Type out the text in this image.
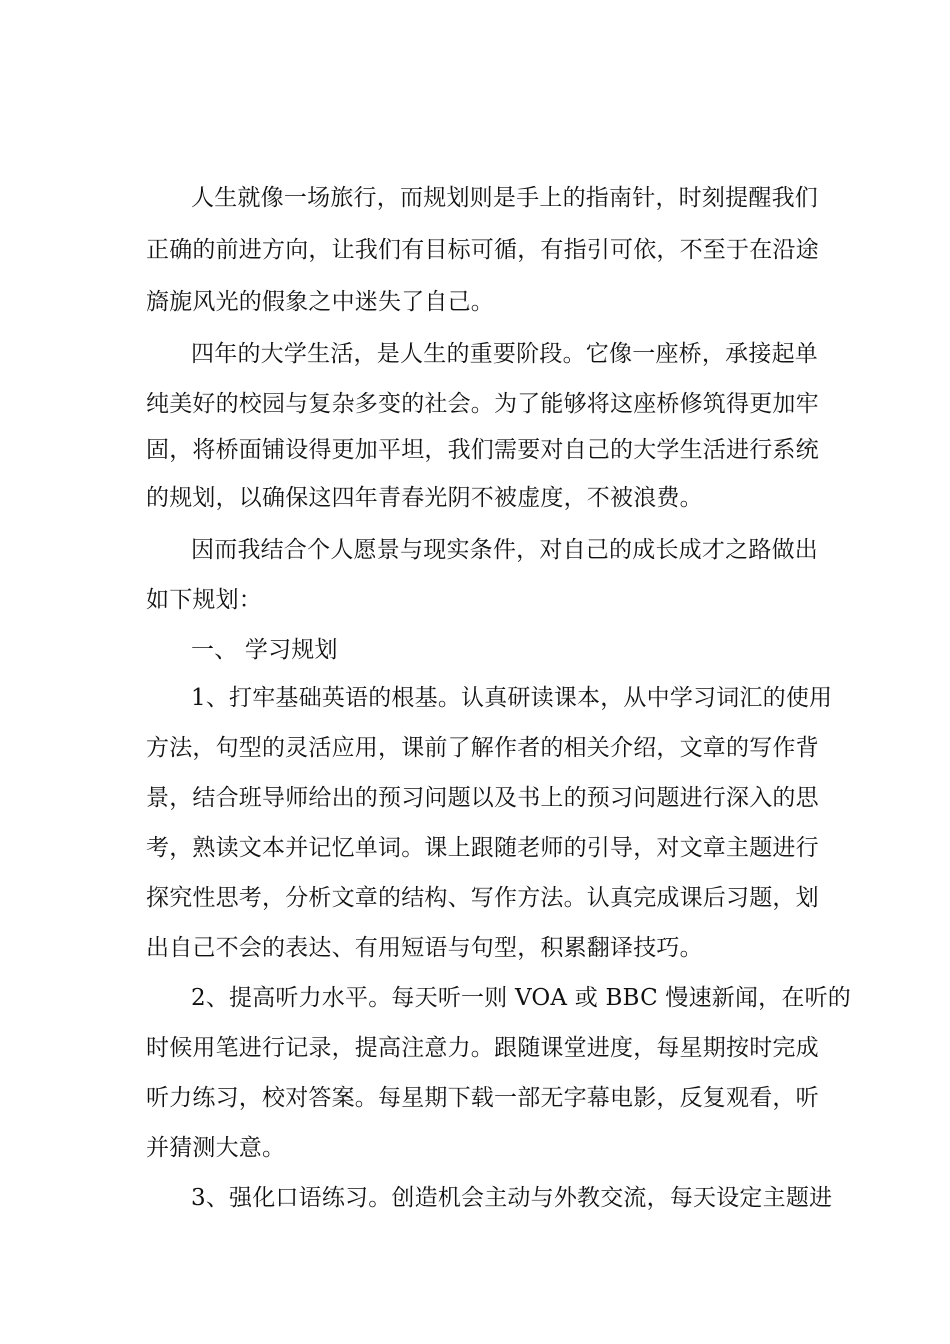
人生就像一场旅行，而规划则是手上的指南针，时刻提醒我们
正确的前进方向，让我们有目标可循，有指引可依，不至于在沿途
旖旎风光的假象之中迷失了自己。
四年的大学生活，是人生的重要阶段。它像一座桥，承接起单
纯美好的校园与复杂多变的社会。为了能够将这座桥修筑得更加牢
固，将桥面铺设得更加平坦，我们需要对自己的大学生活进行系统
的规划，以确保这四年青春光阴不被虚度，不被浪费。
因而我结合个人愿景与现实条件，对自己的成长成才之路做出
如下规划：
一、 学习规划
1、打牢基础英语的根基。认真研读课本，从中学习词汇的使用
方法，句型的灵活应用，课前了解作者的相关介绍，文章的写作背
景，结合班导师给出的预习问题以及书上的预习问题进行深入的思
考，熟读文本并记忆单词。课上跟随老师的引导，对文章主题进行
探究性思考，分析文章的结构、写作方法。认真完成课后习题，划
出自己不会的表达、有用短语与句型，积累翻译技巧。
2、提高听力水平。每天听一则 VOA 或 BBC 慢速新闻，在听的
时候用笔进行记录，提高注意力。跟随课堂进度，每星期按时完成
听力练习，校对答案。每星期下载一部无字幕电影，反复观看，听
并猜测大意。
3、强化口语练习。创造机会主动与外教交流，每天设定主题进
